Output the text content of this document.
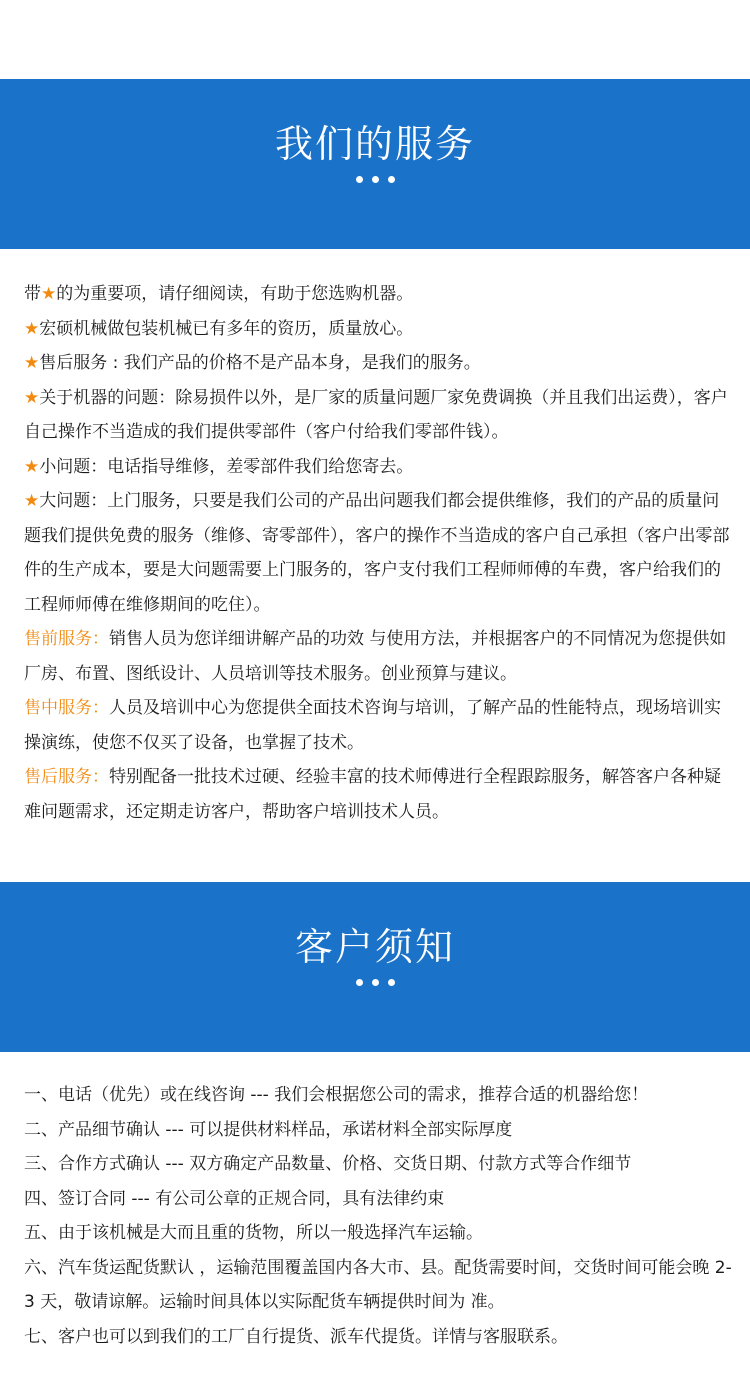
我们的服务

带★的为重要项，请仔细阅读，有助于您选购机器。

★宏硕机械做包装机械已有多年的资历，质量放心。

★售后服务 : 我们产品的价格不是产品本身，是我们的服务。

★关于机器的问题：除易损件以外，是厂家的质量问题厂家免费调换（并且我们出运费），客户自己操作不当造成的我们提供零部件（客户付给我们零部件钱）。

★小问题：电话指导维修，差零部件我们给您寄去。

★大问题：上门服务，只要是我们公司的产品出问题我们都会提供维修，我们的产品的质量问题我们提供免费的服务（维修、寄零部件），客户的操作不当造成的客户自己承担（客户出零部件的生产成本，要是大问题需要上门服务的，客户支付我们工程师师傅的车费，客户给我们的工程师师傅在维修期间的吃住）。

售前服务：销售人员为您详细讲解产品的功效 与使用方法，并根据客户的不同情况为您提供如厂房、布置、图纸设计、人员培训等技术服务。创业预算与建议。

售中服务：人员及培训中心为您提供全面技术咨询与培训，了解产品的性能特点，现场培训实操演练，使您不仅买了设备，也掌握了技术。

售后服务：特别配备一批技术过硬、经验丰富的技术师傅进行全程跟踪服务，解答客户各种疑难问题需求，还定期走访客户，帮助客户培训技术人员。

客户须知

一、电话（优先）或在线咨询 --- 我们会根据您公司的需求，推荐合适的机器给您！

二、产品细节确认 --- 可以提供材料样品，承诺材料全部实际厚度

三、合作方式确认 --- 双方确定产品数量、价格、交货日期、付款方式等合作细节

四、签订合同 --- 有公司公章的正规合同，具有法律约束

五、由于该机械是大而且重的货物，所以一般选择汽车运输。

六、汽车货运配货默认 ，运输范围覆盖国内各大市、县。配货需要时间，交货时间可能会晚 2-3 天，敬请谅解。运输时间具体以实际配货车辆提供时间为 准。

七、客户也可以到我们的工厂自行提货、派车代提货。详情与客服联系。
